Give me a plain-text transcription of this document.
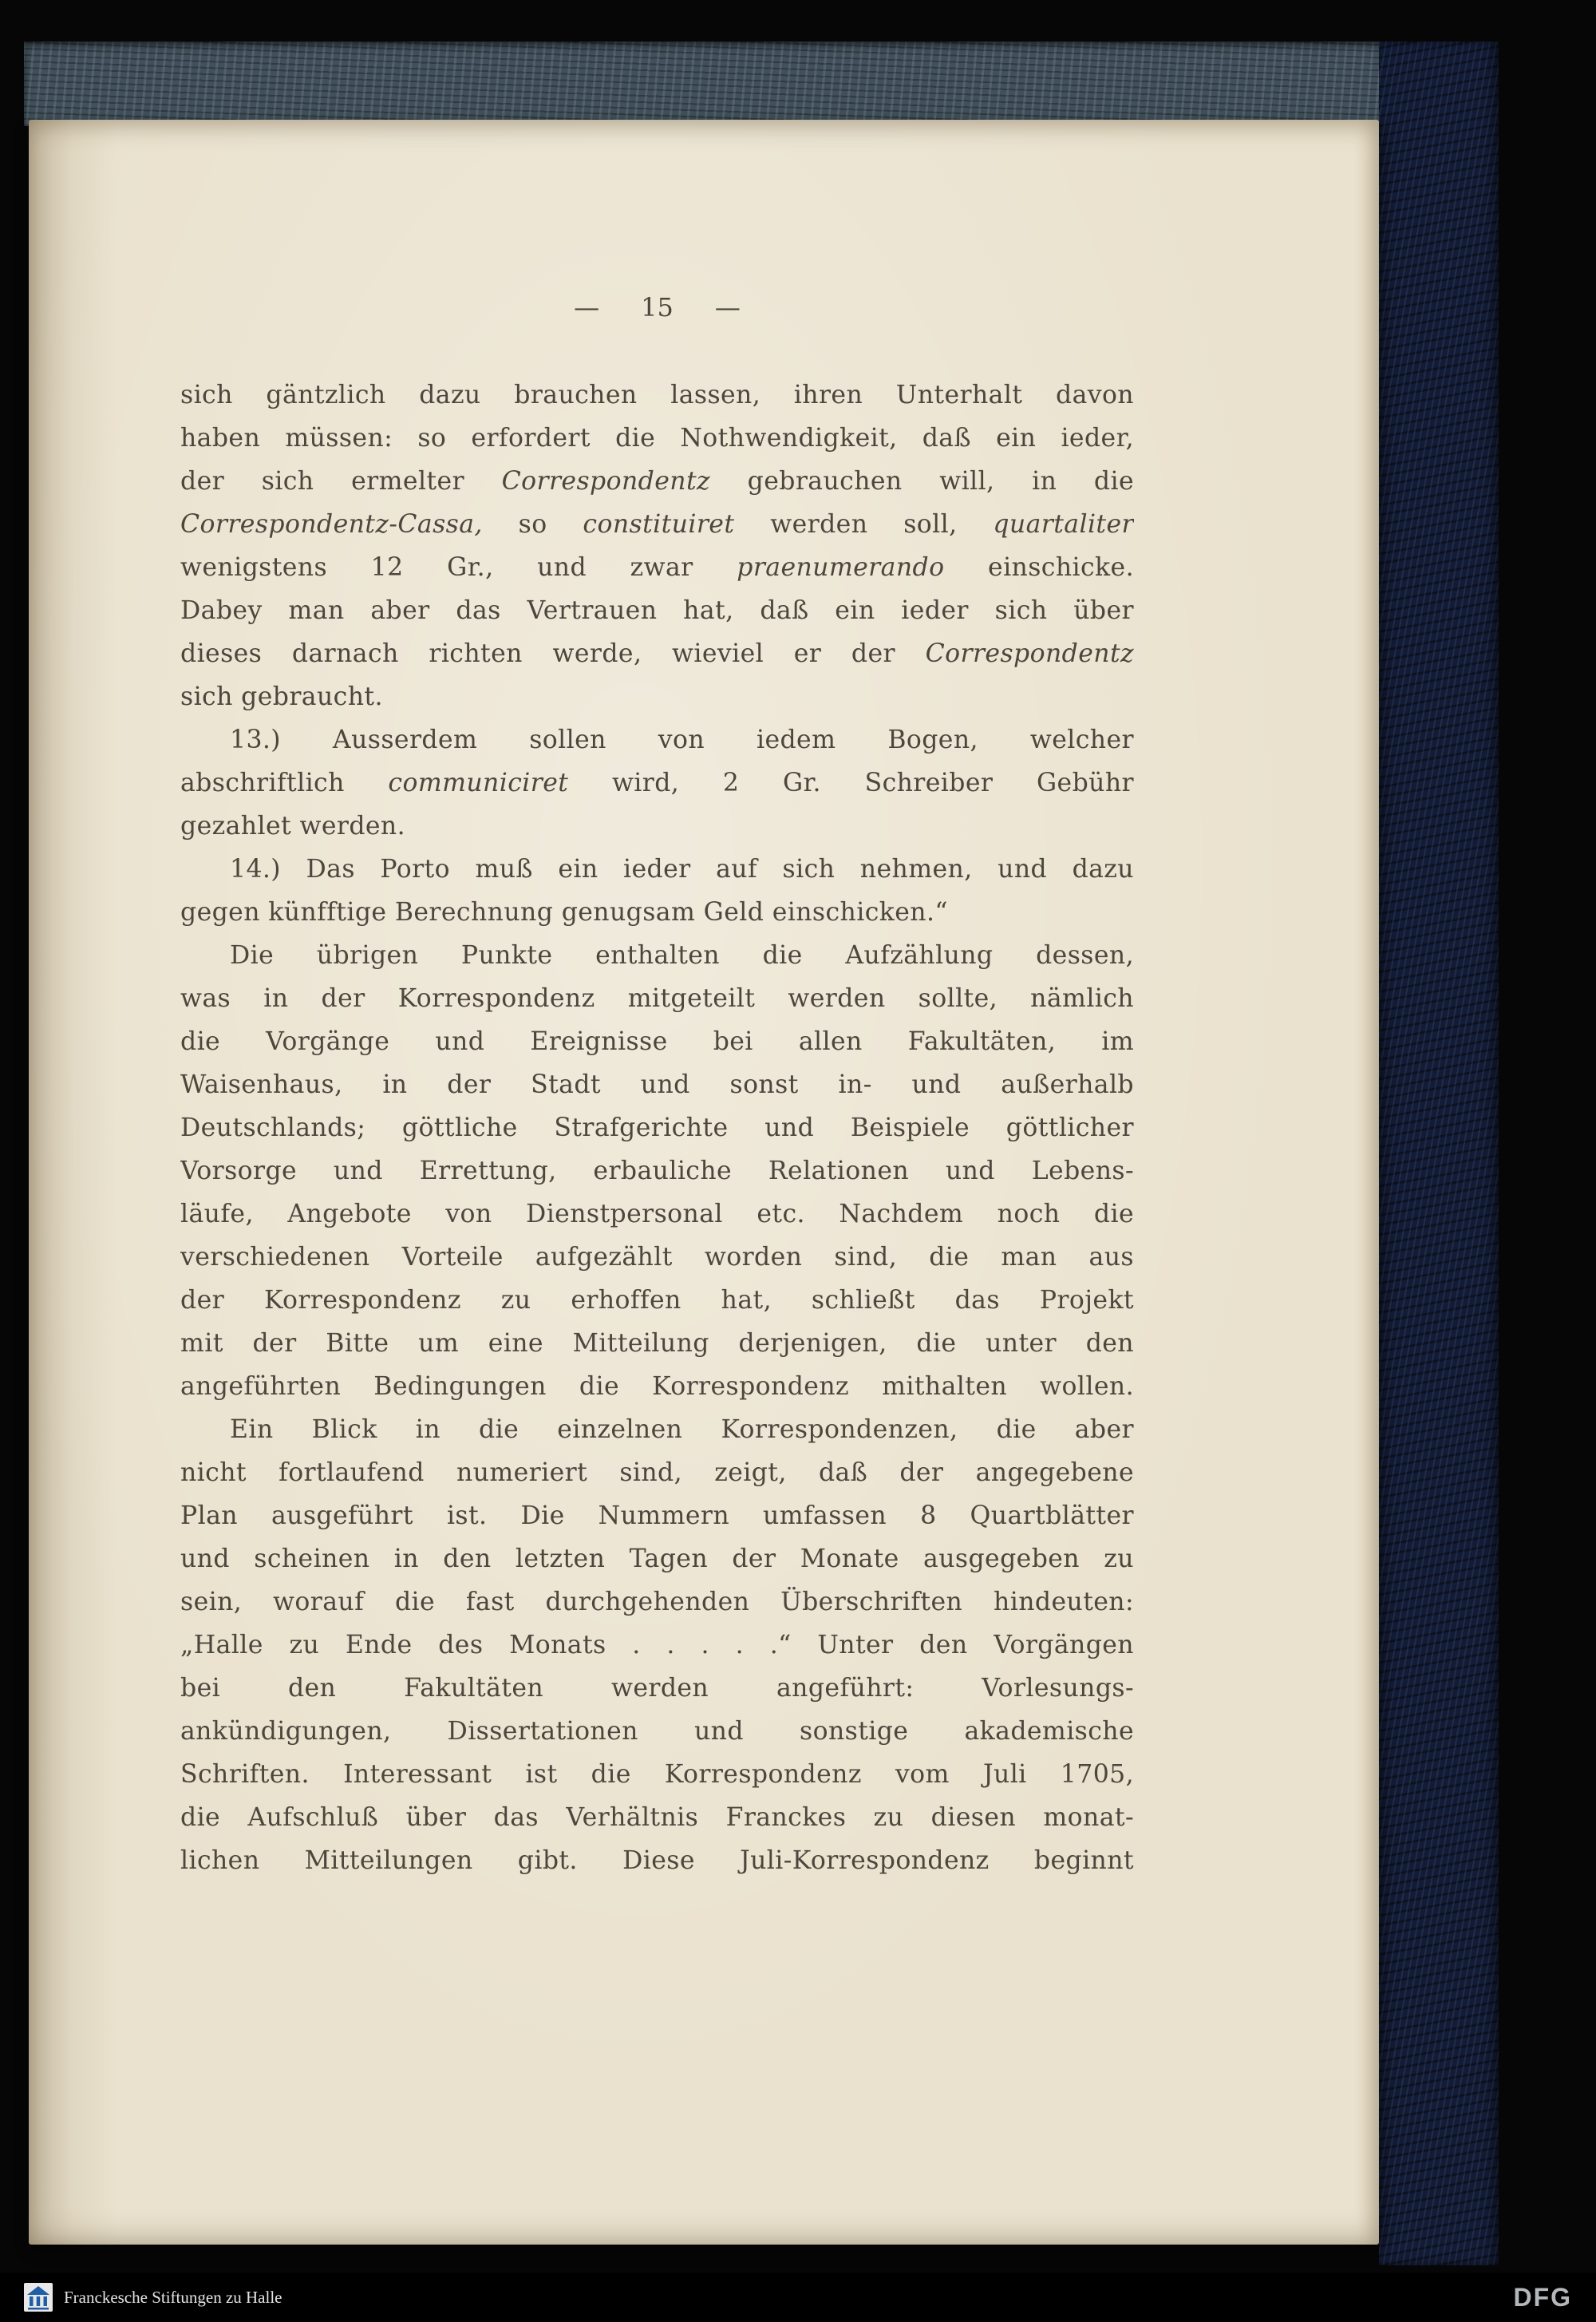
— 15 —
sich gäntzlich dazu brauchen lassen, ihren Unterhalt davon
haben müssen: so erfordert die Nothwendigkeit, daß ein ieder,
der sich ermelter Correspondentz gebrauchen will, in die
Correspondentz-Cassa, so constituiret werden soll, quartaliter
wenigstens 12 Gr., und zwar praenumerando einschicke.
Dabey man aber das Vertrauen hat, daß ein ieder sich über
dieses darnach richten werde, wieviel er der Correspondentz
sich gebraucht.
13.) Ausserdem sollen von iedem Bogen, welcher
abschriftlich communiciret wird, 2 Gr. Schreiber Gebühr
gezahlet werden.
14.) Das Porto muß ein ieder auf sich nehmen, und dazu
gegen künfftige Berechnung genugsam Geld einschicken.“
Die übrigen Punkte enthalten die Aufzählung dessen,
was in der Korrespondenz mitgeteilt werden sollte, nämlich
die Vorgänge und Ereignisse bei allen Fakultäten, im
Waisenhaus, in der Stadt und sonst in- und außerhalb
Deutschlands; göttliche Strafgerichte und Beispiele göttlicher
Vorsorge und Errettung, erbauliche Relationen und Lebens-
läufe, Angebote von Dienstpersonal etc. Nachdem noch die
verschiedenen Vorteile aufgezählt worden sind, die man aus
der Korrespondenz zu erhoffen hat, schließt das Projekt
mit der Bitte um eine Mitteilung derjenigen, die unter den
angeführten Bedingungen die Korrespondenz mithalten wollen.
Ein Blick in die einzelnen Korrespondenzen, die aber
nicht fortlaufend numeriert sind, zeigt, daß der angegebene
Plan ausgeführt ist. Die Nummern umfassen 8 Quartblätter
und scheinen in den letzten Tagen der Monate ausgegeben zu
sein, worauf die fast durchgehenden Überschriften hindeuten:
„Halle zu Ende des Monats . . . . .“ Unter den Vorgängen
bei den Fakultäten werden angeführt: Vorlesungs-
ankündigungen, Dissertationen und sonstige akademische
Schriften. Interessant ist die Korrespondenz vom Juli 1705,
die Aufschluß über das Verhältnis Franckes zu diesen monat-
lichen Mitteilungen gibt. Diese Juli-Korrespondenz beginnt
Franckesche Stiftungen zu Halle	DFG
